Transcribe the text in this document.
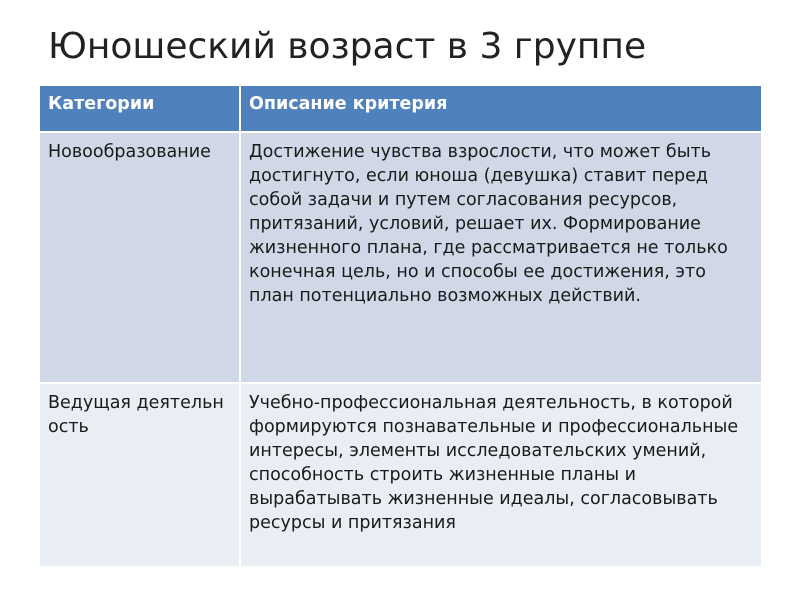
Юношеский возраст в 3 группе
Категории	Описание критерия
Новообразование	Достижение чувства взрослости, что может быть достигнуто, если юноша (девушка) ставит перед собой задачи и путем согласования ресурсов, притязаний, условий, решает их. Формирование жизненного плана, где рассматривается не только конечная цель, но и способы ее достижения, это план потенциально возможных действий.
Ведущая деятельность	Учебно-профессиональная деятельность, в которой формируются познавательные и профессиональные интересы, элементы исследовательских умений, способность строить жизненные планы и вырабатывать жизненные идеалы, согласовывать ресурсы и притязания
